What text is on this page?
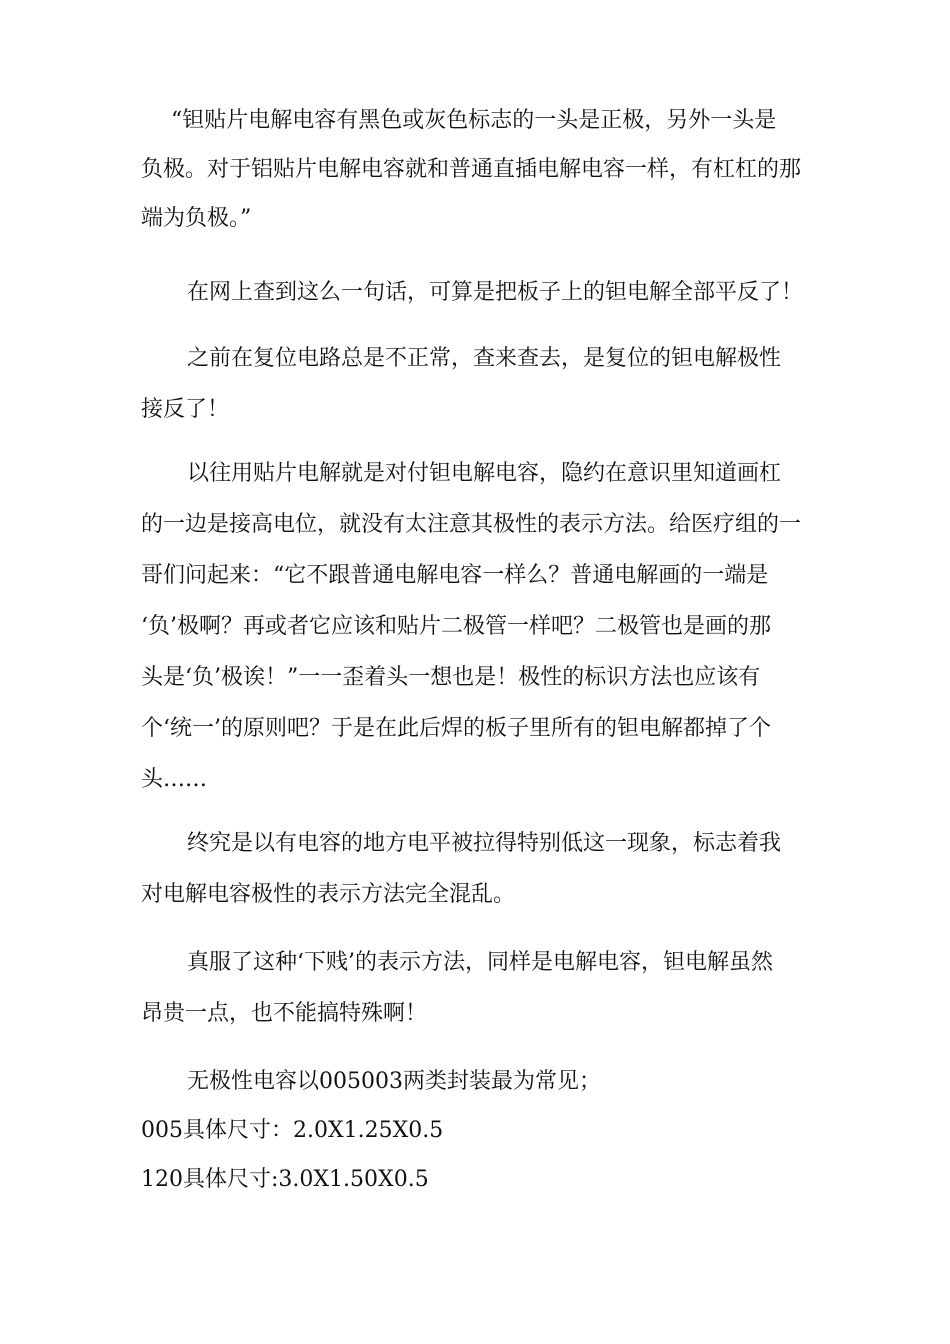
“钽贴片电解电容有黑色或灰色标志的一头是正极，另外一头是
负极。对于铝贴片电解电容就和普通直插电解电容一样，有杠杠的那
端为负极。”
在网上查到这么一句话，可算是把板子上的钽电解全部平反了！
之前在复位电路总是不正常，查来查去，是复位的钽电解极性
接反了！
以往用贴片电解就是对付钽电解电容，隐约在意识里知道画杠
的一边是接高电位，就没有太注意其极性的表示方法。给医疗组的一
哥们问起来：“它不跟普通电解电容一样么？普通电解画的一端是
‘负’极啊？再或者它应该和贴片二极管一样吧？二极管也是画的那
头是‘负’极诶！”一一歪着头一想也是！极性的标识方法也应该有
个‘统一’的原则吧？于是在此后焊的板子里所有的钽电解都掉了个
头……
终究是以有电容的地方电平被拉得特别低这一现象，标志着我
对电解电容极性的表示方法完全混乱。
真服了这种‘下贱’的表示方法，同样是电解电容，钽电解虽然
昂贵一点，也不能搞特殊啊！
无极性电容以005003两类封装最为常见；
005具体尺寸：2.0X1.25X0.5
120具体尺寸:3.0X1.50X0.5
